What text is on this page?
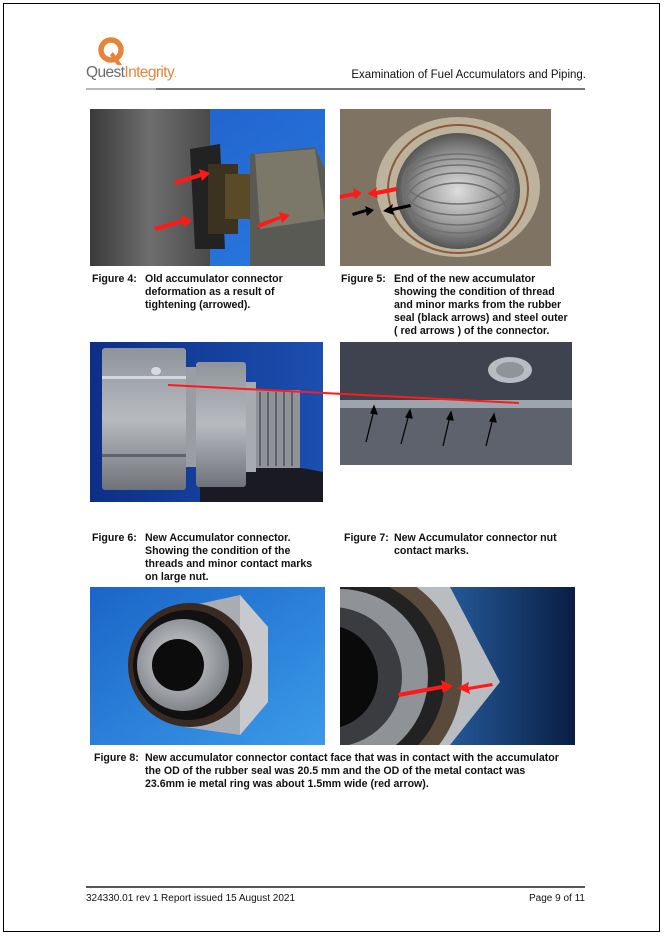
QuestIntegrity.	Examination of Fuel Accumulators and Piping.
Figure 4: Old accumulator connector
deformation as a result of
tightening (arrowed).
Figure 5: End of the new accumulator
showing the condition of thread
and minor marks from the rubber
seal (black arrows) and steel outer
( red arrows ) of the connector.
Figure 6: New Accumulator connector.
Showing the condition of the
threads and minor contact marks
on large nut.
Figure 7: New Accumulator connector nut
contact marks.
Figure 8: New accumulator connector contact face that was in contact with the accumulator
the OD of the rubber seal was 20.5 mm and the OD of the metal contact was
23.6mm ie metal ring was about 1.5mm wide (red arrow).
324330.01 rev 1 Report issued 15 August 2021	Page 9 of 11
